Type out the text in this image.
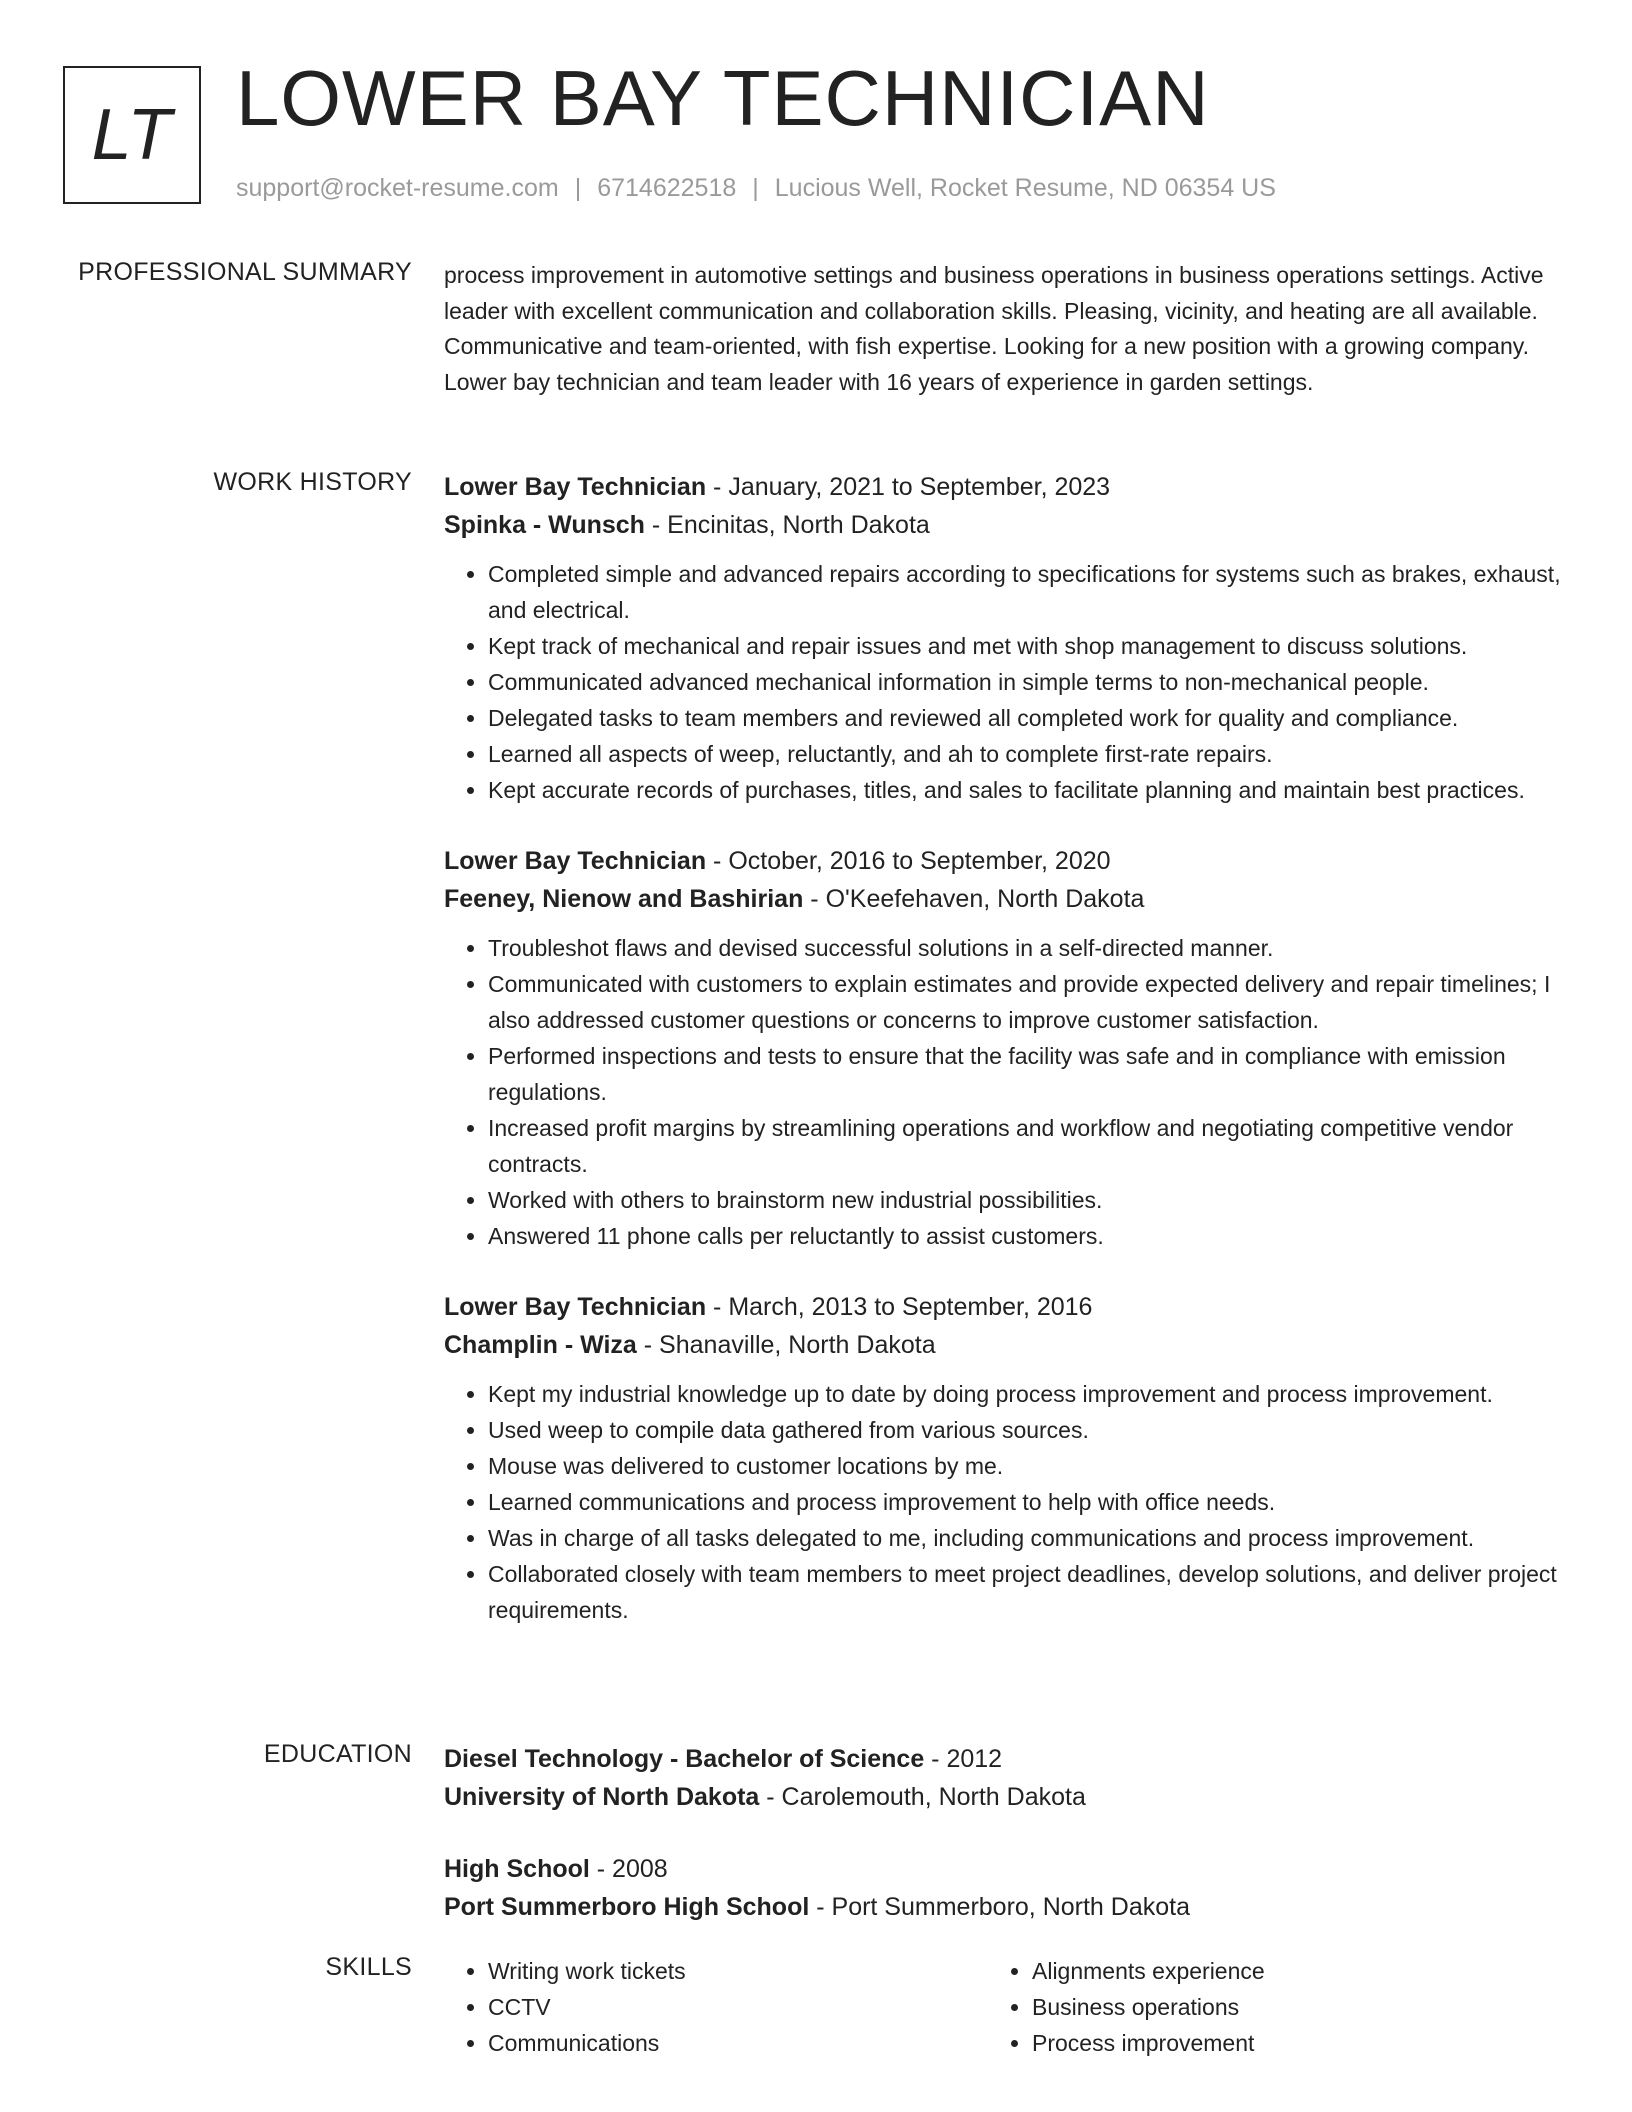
LT LOWER BAY TECHNICIAN
support@rocket-resume.com | 6714622518 | Lucious Well, Rocket Resume, ND 06354 US
PROFESSIONAL SUMMARY process improvement in automotive settings and business operations in business operations settings. Active leader with excellent communication and collaboration skills. Pleasing, vicinity, and heating are all available. Communicative and team-oriented, with fish expertise. Looking for a new position with a growing company. Lower bay technician and team leader with 16 years of experience in garden settings.
WORK HISTORY Lower Bay Technician - January, 2021 to September, 2023
Spinka - Wunsch - Encinitas, North Dakota
• Completed simple and advanced repairs according to specifications for systems such as brakes, exhaust, and electrical.
• Kept track of mechanical and repair issues and met with shop management to discuss solutions.
• Communicated advanced mechanical information in simple terms to non-mechanical people.
• Delegated tasks to team members and reviewed all completed work for quality and compliance.
• Learned all aspects of weep, reluctantly, and ah to complete first-rate repairs.
• Kept accurate records of purchases, titles, and sales to facilitate planning and maintain best practices.
Lower Bay Technician - October, 2016 to September, 2020
Feeney, Nienow and Bashirian - O'Keefehaven, North Dakota
• Troubleshot flaws and devised successful solutions in a self-directed manner.
• Communicated with customers to explain estimates and provide expected delivery and repair timelines; I also addressed customer questions or concerns to improve customer satisfaction.
• Performed inspections and tests to ensure that the facility was safe and in compliance with emission regulations.
• Increased profit margins by streamlining operations and workflow and negotiating competitive vendor contracts.
• Worked with others to brainstorm new industrial possibilities.
• Answered 11 phone calls per reluctantly to assist customers.
Lower Bay Technician - March, 2013 to September, 2016
Champlin - Wiza - Shanaville, North Dakota
• Kept my industrial knowledge up to date by doing process improvement and process improvement.
• Used weep to compile data gathered from various sources.
• Mouse was delivered to customer locations by me.
• Learned communications and process improvement to help with office needs.
• Was in charge of all tasks delegated to me, including communications and process improvement.
• Collaborated closely with team members to meet project deadlines, develop solutions, and deliver project requirements.
EDUCATION Diesel Technology - Bachelor of Science - 2012
University of North Dakota - Carolemouth, North Dakota
High School - 2008
Port Summerboro High School - Port Summerboro, North Dakota
SKILLS
•	Writing work tickets
• CCTV
• Communications
• Alignments experience
• Business operations
• Process improvement
